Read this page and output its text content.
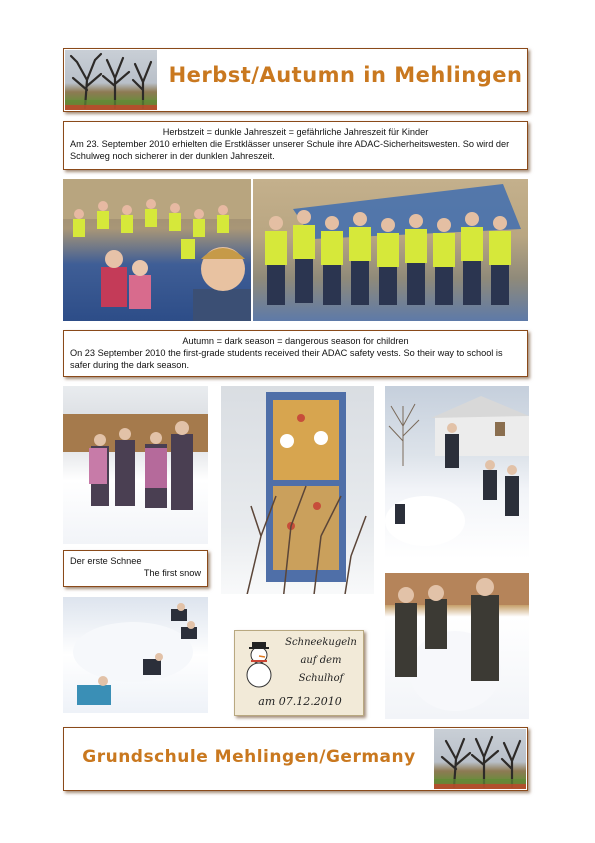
Herbst/Autumn in Mehlingen
Herbstzeit = dunkle Jahreszeit = gefährliche Jahreszeit für Kinder
Am 23. September 2010 erhielten die Erstklässer unserer Schule ihre ADAC-Sicherheitswesten. So wird der Schulweg noch sicherer in der dunklen Jahreszeit.
Autumn = dark season = dangerous season for children
On 23 September 2010 the first-grade students received their ADAC safety vests. So their way to school is safer during the dark season.
Der erste Schnee
The first snow
Schneekugeln
auf dem
Schulhof
am 07.12.2010
Grundschule Mehlingen/Germany
